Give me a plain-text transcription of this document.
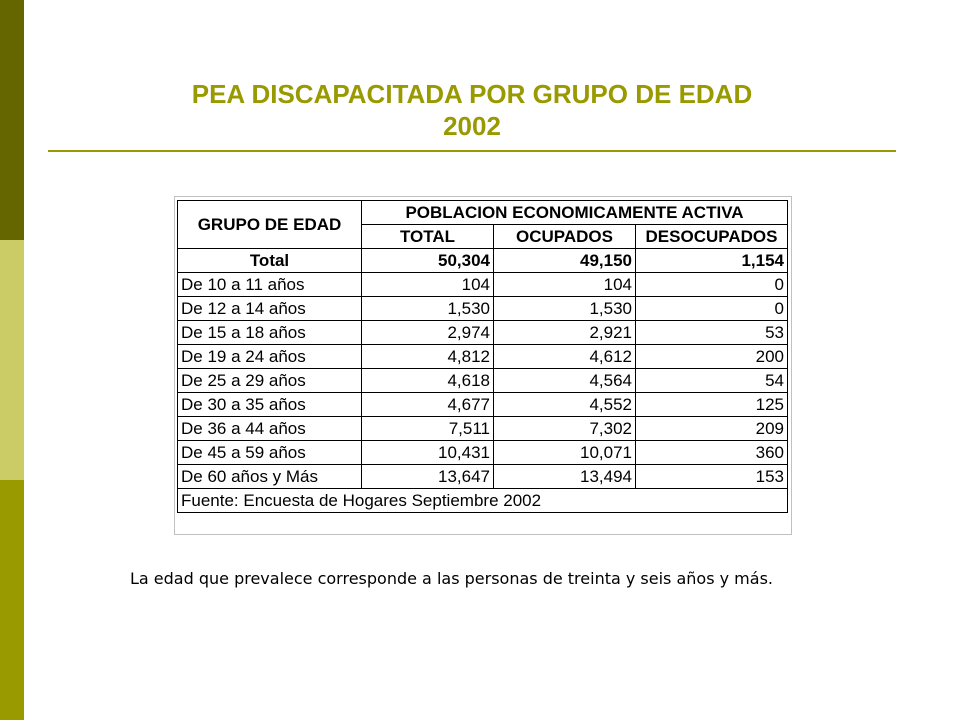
PEA DISCAPACITADA POR GRUPO DE EDAD
2002
GRUPO DE EDAD	POBLACION ECONOMICAMENTE ACTIVA		
	TOTAL	OCUPADOS	DESOCUPADOS
Total	50,304	49,150	1,154
De 10 a 11 años	104	104	0
De 12 a 14 años	1,530	1,530	0
De 15 a 18 años	2,974	2,921	53
De 19 a 24 años	4,812	4,612	200
De 25 a 29 años	4,618	4,564	54
De 30 a 35 años	4,677	4,552	125
De 36 a 44 años	7,511	7,302	209
De 45 a 59 años	10,431	10,071	360
De 60 años y Más	13,647	13,494	153
Fuente: Encuesta de Hogares Septiembre 2002			
La edad que prevalece corresponde a las personas de treinta y seis años y más.
